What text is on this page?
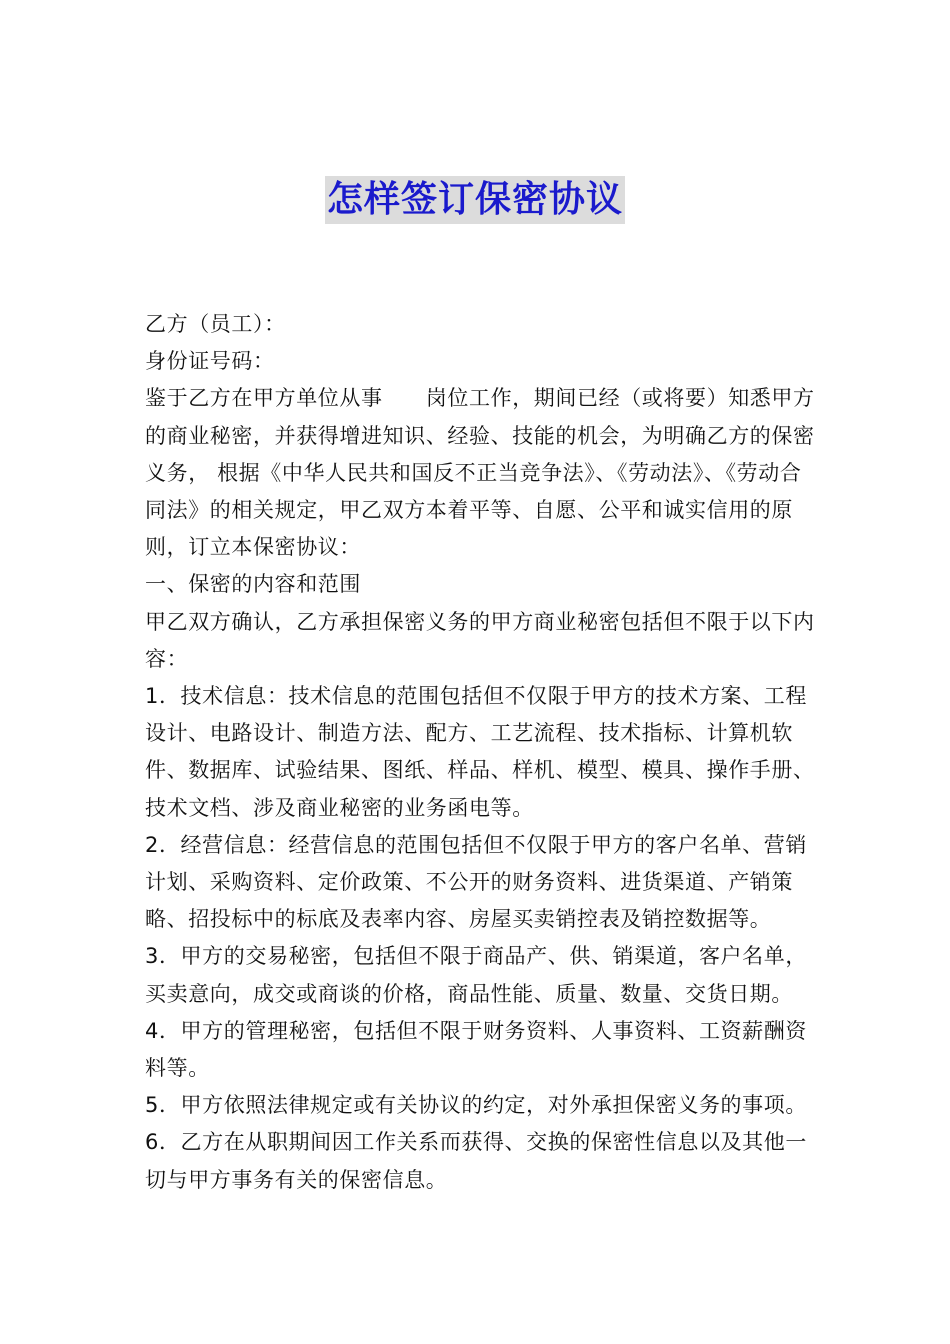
怎样签订保密协议

乙方（员工）：

身份证号码：

鉴于乙方在甲方单位从事　　岗位工作，期间已经（或将要）知悉甲方的商业秘密，并获得增进知识、经验、技能的机会，为明确乙方的保密义务， 根据《中华人民共和国反不正当竞争法》、《劳动法》、《劳动合同法》的相关规定，甲乙双方本着平等、自愿、公平和诚实信用的原则，订立本保密协议：

一、保密的内容和范围

甲乙双方确认，乙方承担保密义务的甲方商业秘密包括但不限于以下内容：

1．技术信息：技术信息的范围包括但不仅限于甲方的技术方案、工程设计、电路设计、制造方法、配方、工艺流程、技术指标、计算机软件、数据库、试验结果、图纸、样品、样机、模型、模具、操作手册、技术文档、涉及商业秘密的业务函电等。

2．经营信息：经营信息的范围包括但不仅限于甲方的客户名单、营销计划、采购资料、定价政策、不公开的财务资料、进货渠道、产销策略、招投标中的标底及表率内容、房屋买卖销控表及销控数据等。

3．甲方的交易秘密，包括但不限于商品产、供、销渠道，客户名单，买卖意向，成交或商谈的价格，商品性能、质量、数量、交货日期。

4．甲方的管理秘密，包括但不限于财务资料、人事资料、工资薪酬资料等。

5．甲方依照法律规定或有关协议的约定，对外承担保密义务的事项。

6．乙方在从职期间因工作关系而获得、交换的保密性信息以及其他一切与甲方事务有关的保密信息。
